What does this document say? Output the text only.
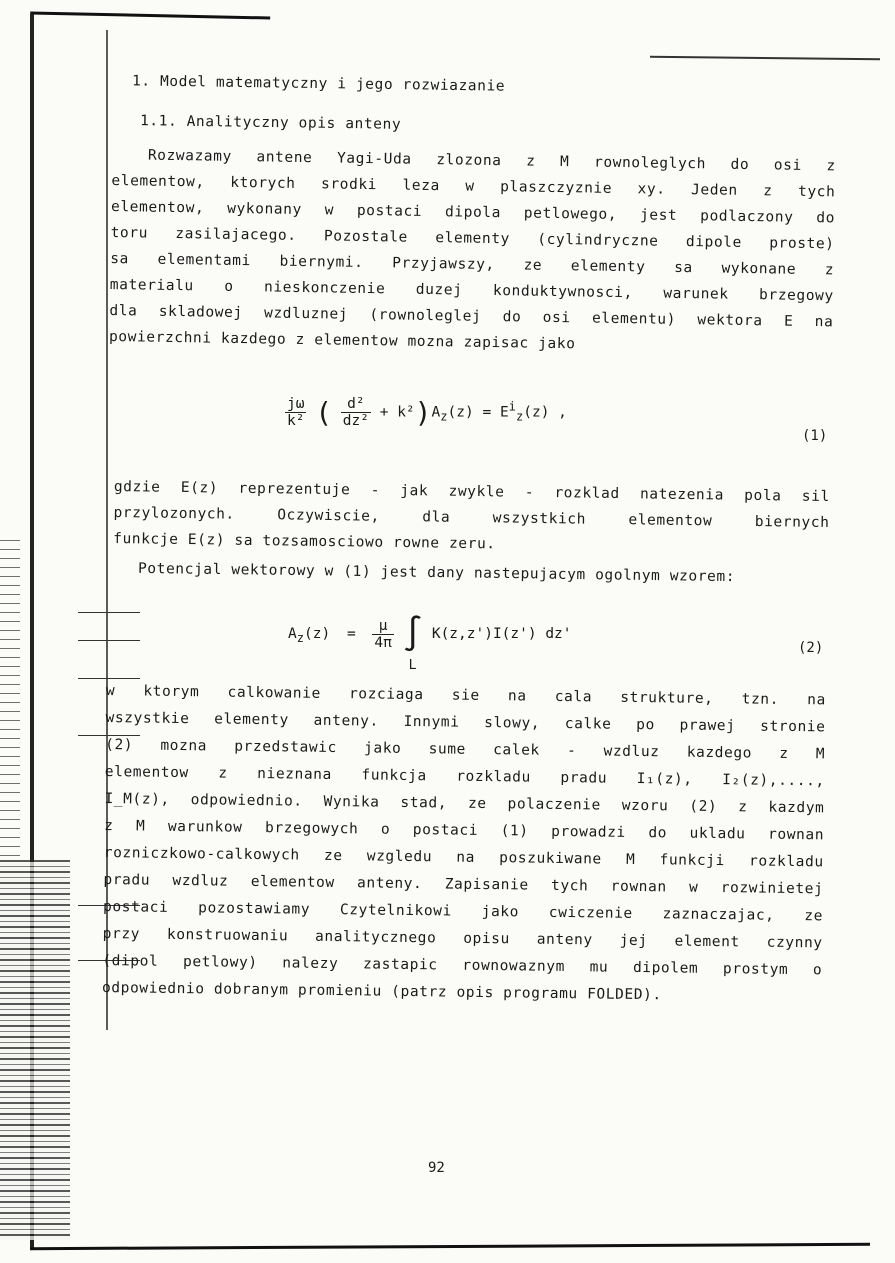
1. Model matematyczny i jego rozwiazanie
1.1. Analityczny opis anteny
Rozwazamy antene Yagi-Uda zlozona z M rownoleglych do osi z
elementow, ktorych srodki leza w plaszczyznie xy. Jeden z tych
elementow, wykonany w postaci dipola petlowego, jest podlaczony do
toru zasilajacego. Pozostale elementy (cylindryczne dipole proste)
sa elementami biernymi. Przyjawszy, ze elementy sa wykonane z
materialu o nieskonczenie duzej konduktywnosci, warunek brzegowy
dla skladowej wzdluznej (rownoleglej do osi elementu) wektora E na
powierzchni kazdego z elementow mozna zapisac jako
$\frac{j\omega}{\text{k²}}$ ( $\frac{\text{d²}}{\text{dz²}} + k^2)A_z(z) = E^i_z(z)$ ,
(1)
gdzie E(z) reprezentuje - jak zwykle - rozklad natezenia pola sil
przylozonych. Oczywiscie, dla wszystkich elementow biernych
funkcje E(z) sa tozsamosciowo rowne zeru.
Potencjal wektorowy w (1) jest dany nastepujacym ogolnym wzorem:
$A_z(z) = \frac{\mu}{4\pi}$ ∫
L
K(z,z')I(z') dz'
(2)
w ktorym calkowanie rozciaga sie na cala strukture, tzn. na
wszystkie elementy anteny. Innymi slowy, calke po prawej stronie
(2) mozna przedstawic jako sume calek - wzdluz kazdego z M
elementow z nieznana funkcja rozkladu pradu I₁(z), I₂(z),....,
I_M(z), odpowiednio. Wynika stad, ze polaczenie wzoru (2) z kazdym
z M warunkow brzegowych o postaci (1) prowadzi do ukladu rownan
rozniczkowo-calkowych ze wzgledu na poszukiwane M funkcji rozkladu
pradu wzdluz elementow anteny. Zapisanie tych rownan w rozwinietej
postaci pozostawiamy Czytelnikowi jako cwiczenie zaznaczajac, ze
przy konstruowaniu analitycznego opisu anteny jej element czynny
(dipol petlowy) nalezy zastapic rownowaznym mu dipolem prostym o
odpowiednio dobranym promieniu (patrz opis programu FOLDED).
92
